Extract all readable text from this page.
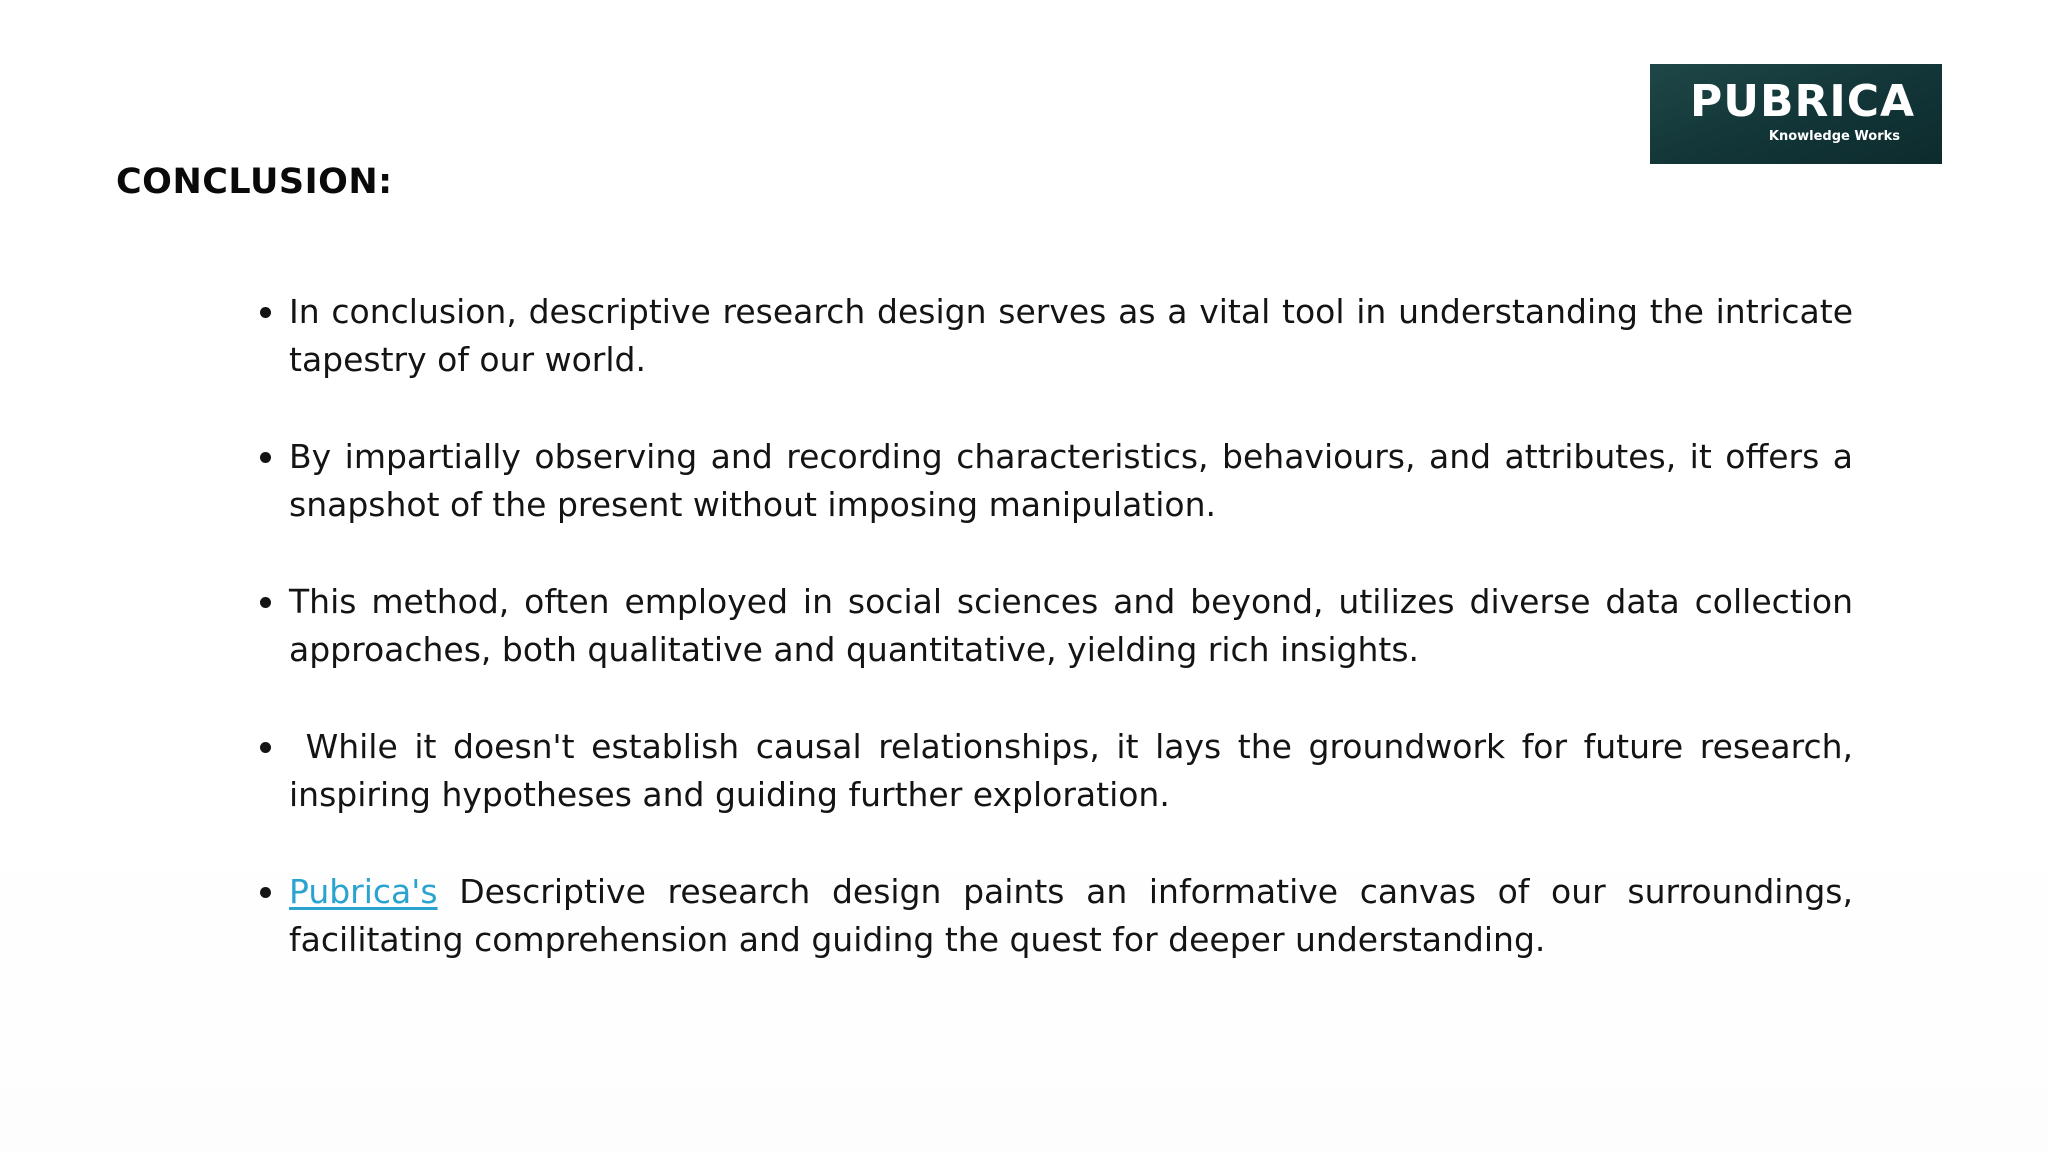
CONCLUSION:
PUBRICA
Knowledge Works
In conclusion, descriptive research design serves as a vital tool in understanding the intricate tapestry of our world.
By impartially observing and recording characteristics, behaviours, and attributes, it offers a snapshot of the present without imposing manipulation.
This method, often employed in social sciences and beyond, utilizes diverse data collection approaches, both qualitative and quantitative, yielding rich insights.
While it doesn't establish causal relationships, it lays the groundwork for future research, inspiring hypotheses and guiding further exploration.
Pubrica's Descriptive research design paints an informative canvas of our surroundings, facilitating comprehension and guiding the quest for deeper understanding.
